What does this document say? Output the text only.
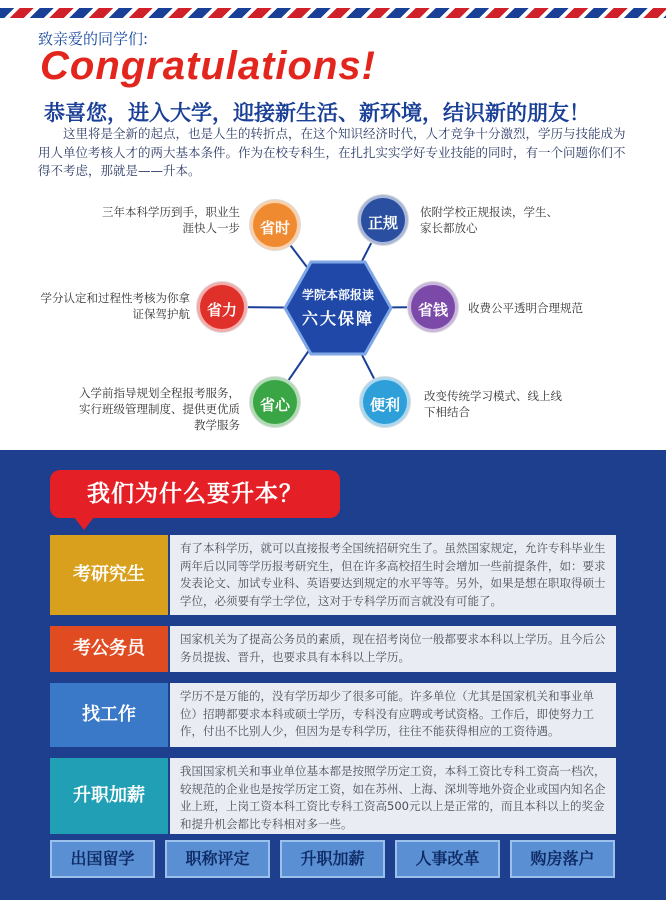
致亲爱的同学们:
Congratulations!
恭喜您，进入大学，迎接新生活、新环境，结识新的朋友！

这里将是全新的起点，也是人生的转折点，在这个知识经济时代，人才竞争十分激烈，学历与技能成为用人单位考核人才的两大基本条件。作为在校专科生，在扎扎实实学好专业技能的同时，有一个问题你们不得不考虑，那就是——升本。

学院本部报读
六大保障
省时	正规
省力	省钱
省心	便利
三年本科学历到手，职业生涯快人一步
依附学校正规报读，学生、家长都放心
学分认定和过程性考核为你拿证保驾护航	收费公平透明合理规范
入学前指导规划全程报考服务，实行班级管理制度、提供更优质教学服务
改变传统学习模式、线上线下相结合
我们为什么要升本？
考研究生
有了本科学历，就可以直接报考全国统招研究生了。虽然国家规定，允许专科毕业生两年后以同等学历报考研究生，但在许多高校招生时会增加一些前提条件，如：要求发表论文、加试专业科、英语要达到规定的水平等等。另外，如果是想在职取得硕士学位，必须要有学士学位，这对于专科学历而言就没有可能了。
考公务员	国家机关为了提高公务员的素质，现在招考岗位一般都要求本科以上学历。且今后公务员提拔、晋升，也要求具有本科以上学历。
找工作
学历不是万能的，没有学历却少了很多可能。许多单位（尤其是国家机关和事业单位）招聘都要求本科或硕士学历，专科没有应聘或考试资格。工作后，即使努力工作，付出不比别人少，但因为是专科学历，往往不能获得相应的工资待遇。
升职加薪
我国国家机关和事业单位基本都是按照学历定工资，本科工资比专科工资高一档次，较规范的企业也是按学历定工资，如在苏州、上海、深圳等地外资企业或国内知名企业上班，上岗工资本科工资比专科工资高500元以上是正常的，而且本科以上的奖金和提升机会都比专科相对多一些。
出国留学	职称评定	升职加薪	人事改革	购房落户
